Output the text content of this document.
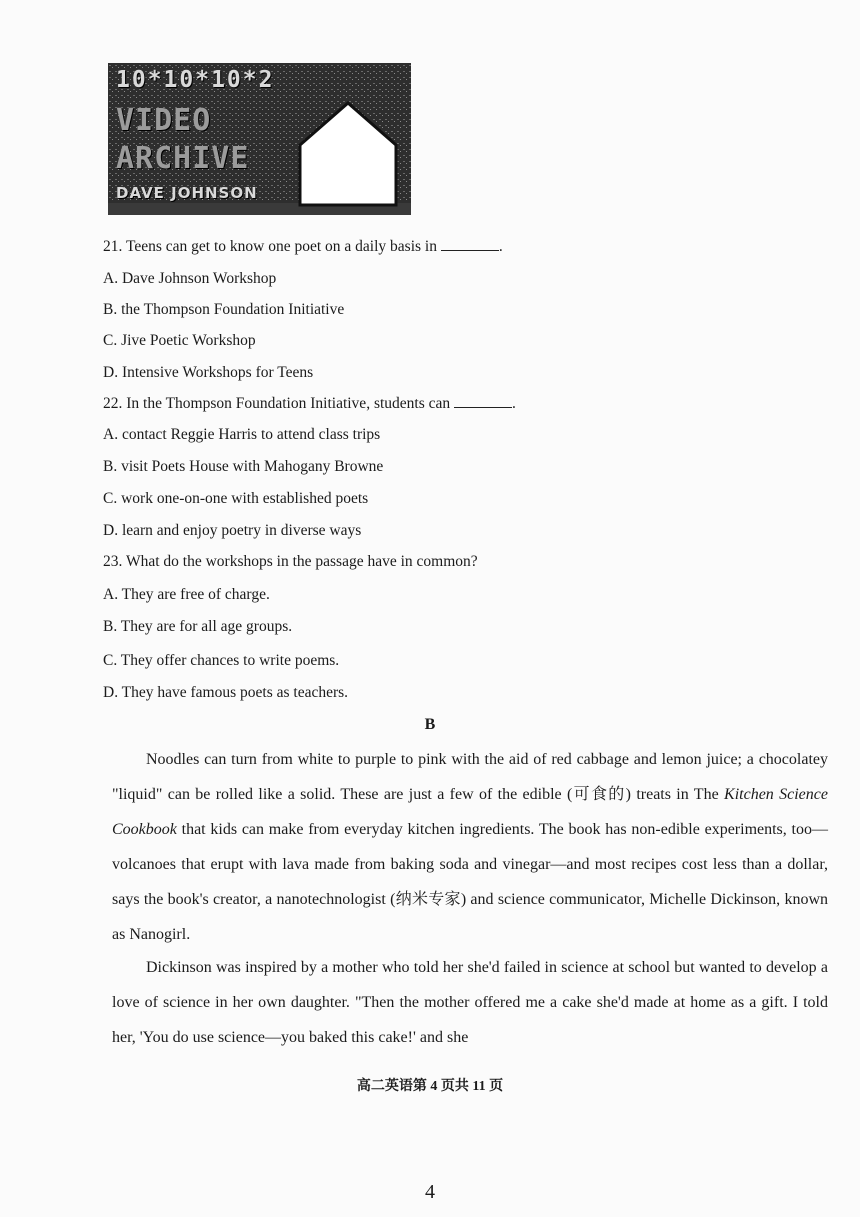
10*10*10*2
VIDEO
ARCHIVE
DAVE JOHNSON
21. Teens can get to know one poet on a daily basis in	.
A. Dave Johnson Workshop
B. the Thompson Foundation Initiative
C. Jive Poetic Workshop
D. Intensive Workshops for Teens
22. In the Thompson Foundation Initiative, students can	.
A. contact Reggie Harris to attend class trips
B. visit Poets House with Mahogany Browne
C. work one-on-one with established poets
D. learn and enjoy poetry in diverse ways
23. What do the workshops in the passage have in common?
A. They are free of charge.
B. They are for all age groups.
C. They offer chances to write poems.
D. They have famous poets as teachers.
B
Noodles can turn from white to purple to pink with the aid of red cabbage and lemon juice; a chocolatey "liquid" can be rolled like a solid. These are just a few of the edible (可食的) treats in The Kitchen Science Cookbook that kids can make from everyday kitchen ingredients. The book has non-edible experiments, too—volcanoes that erupt with lava made from baking soda and vinegar—and most recipes cost less than a dollar, says the book's creator, a nanotechnologist (纳米专家) and science communicator, Michelle Dickinson, known as Nanogirl.
Dickinson was inspired by a mother who told her she'd failed in science at school but wanted to develop a love of science in her own daughter. "Then the mother offered me a cake she'd made at home as a gift. I told her, 'You do use science—you baked this cake!' and she
高二英语第 4 页共 11 页
4
